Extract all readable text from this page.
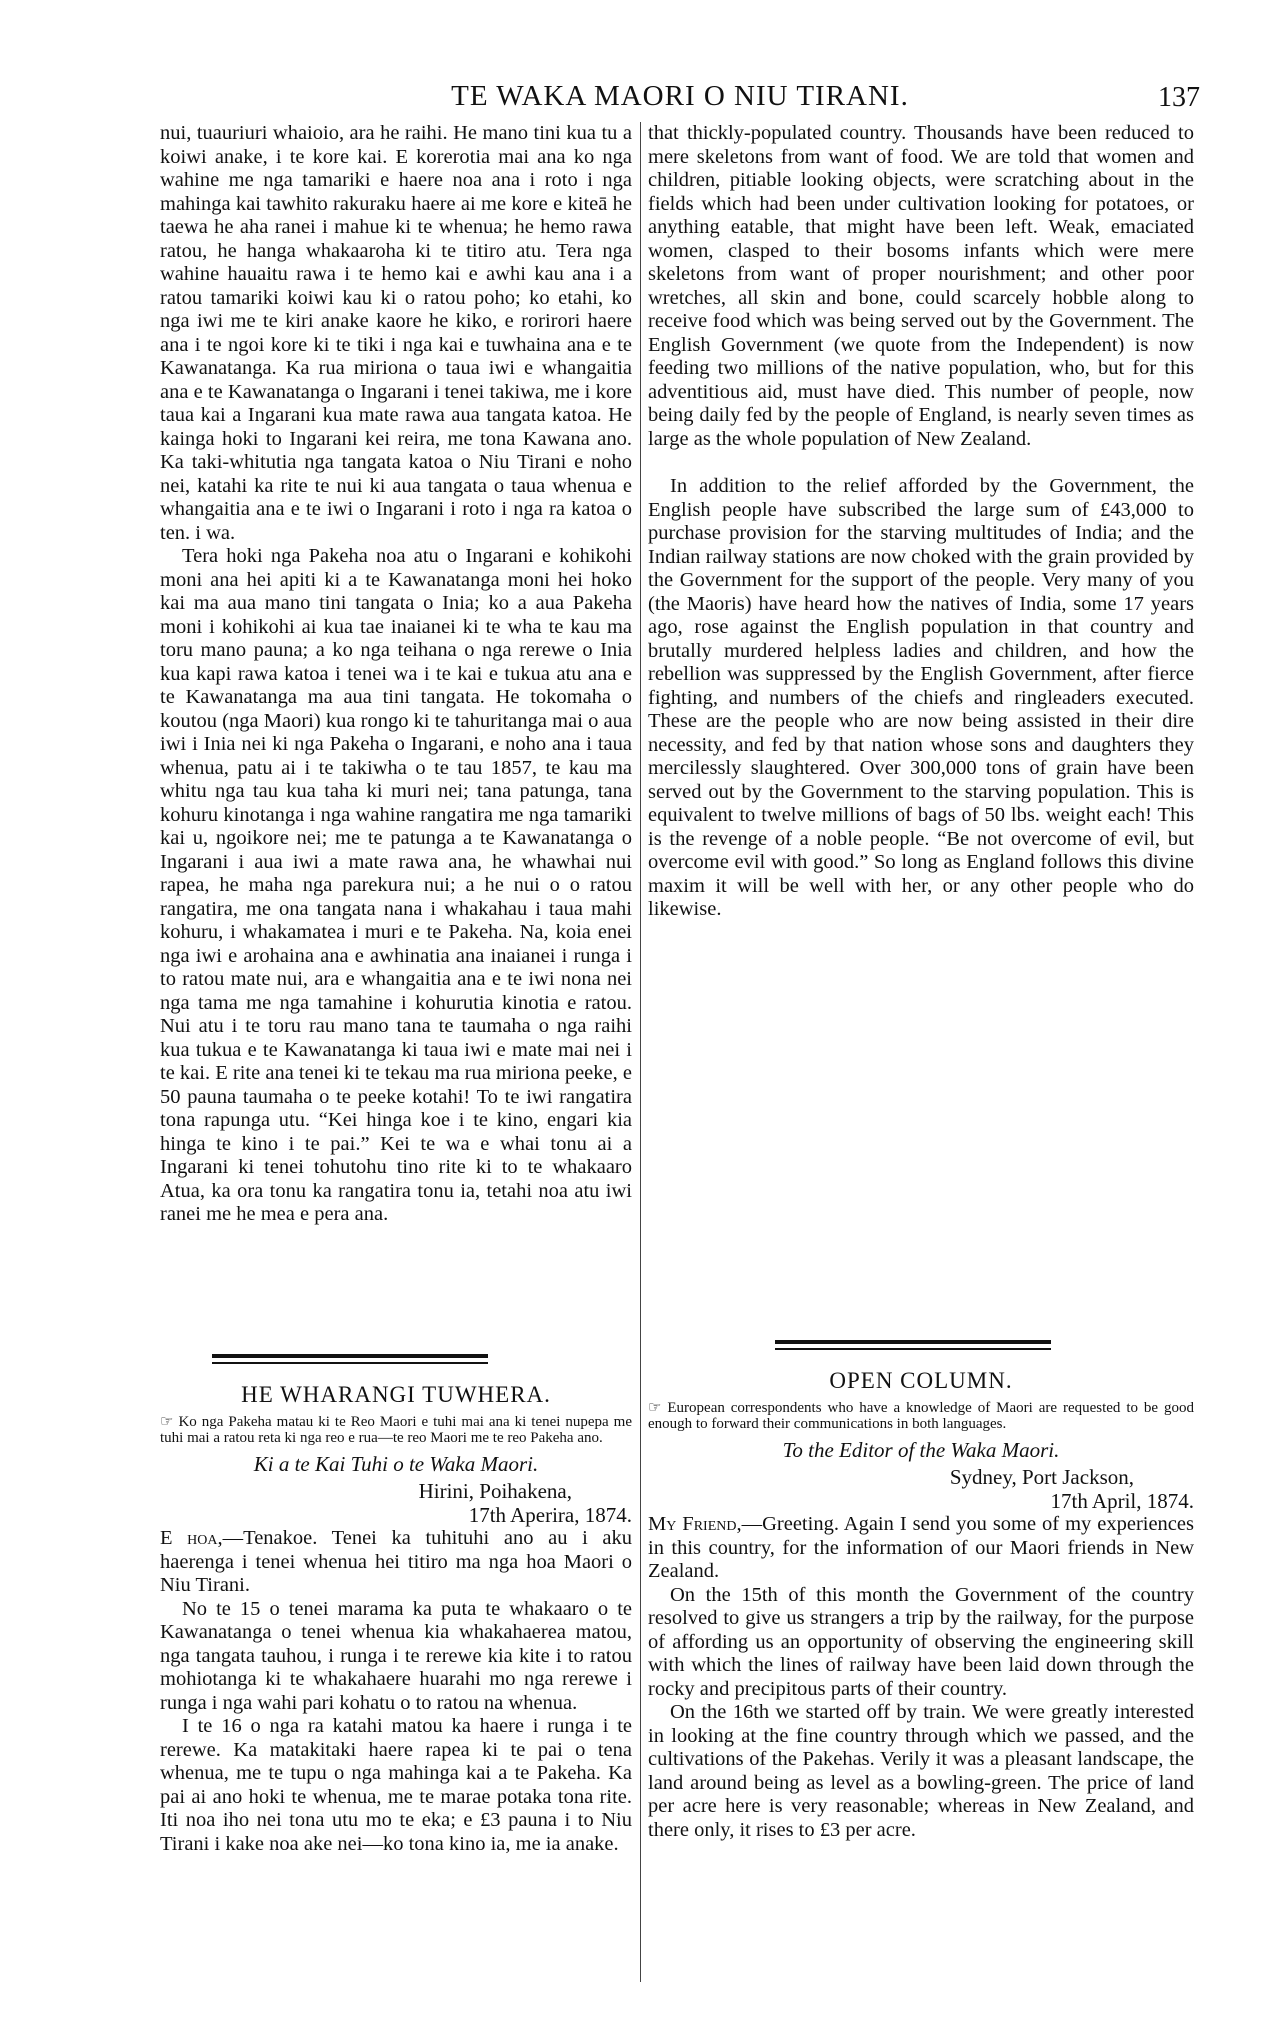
TE WAKA MAORI O NIU TIRANI.	137

nui, tuauriuri whaioio, ara he raihi. He mano tini kua tu a koiwi anake, i te kore kai. E korerotia mai ana ko nga wahine me nga tamariki e haere noa ana i roto i nga mahinga kai tawhito rakuraku haere ai me kore e kiteā he taewa he aha ranei i mahue ki te whenua; he hemo rawa ratou, he hanga whakaaroha ki te titiro atu. Tera nga wahine hauaitu rawa i te hemo kai e awhi kau ana i a ratou tamariki koiwi kau ki o ratou poho; ko etahi, ko nga iwi me te kiri anake kaore he kiko, e rorirori haere ana i te ngoi kore ki te tiki i nga kai e tuwhaina ana e te Kawanatanga. Ka rua miriona o taua iwi e whangaitia ana e te Kawanatanga o Ingarani i tenei takiwa, me i kore taua kai a Ingarani kua mate rawa aua tangata katoa. He kainga hoki to Ingarani kei reira, me tona Kawana ano. Ka taki-whitutia nga tangata katoa o Niu Tirani e noho nei, katahi ka rite te nui ki aua tangata o taua whenua e whangaitia ana e te iwi o Ingarani i roto i nga ra katoa o ten. i wa.

Tera hoki nga Pakeha noa atu o Ingarani e kohikohi moni ana hei apiti ki a te Kawanatanga moni hei hoko kai ma aua mano tini tangata o Inia; ko a aua Pakeha moni i kohikohi ai kua tae inaianei ki te wha te kau ma toru mano pauna; a ko nga teihana o nga rerewe o Inia kua kapi rawa katoa i tenei wa i te kai e tukua atu ana e te Kawanatanga ma aua tini tangata. He tokomaha o koutou (nga Maori) kua rongo ki te tahuritanga mai o aua iwi i Inia nei ki nga Pakeha o Ingarani, e noho ana i taua whenua, patu ai i te takiwha o te tau 1857, te kau ma whitu nga tau kua taha ki muri nei; tana patunga, tana kohuru kinotanga i nga wahine rangatira me nga tamariki kai u, ngoikore nei; me te patunga a te Kawanatanga o Ingarani i aua iwi a mate rawa ana, he whawhai nui rapea, he maha nga parekura nui; a he nui o o ratou rangatira, me ona tangata nana i whakahau i taua mahi kohuru, i whakamatea i muri e te Pakeha. Na, koia enei nga iwi e arohaina ana e awhinatia ana inaianei i runga i to ratou mate nui, ara e whangaitia ana e te iwi nona nei nga tama me nga tamahine i kohurutia kinotia e ratou. Nui atu i te toru rau mano tana te taumaha o nga raihi kua tukua e te Kawanatanga ki taua iwi e mate mai nei i te kai. E rite ana tenei ki te tekau ma rua miriona peeke, e 50 pauna taumaha o te peeke kotahi! To te iwi rangatira tona rapunga utu. “Kei hinga koe i te kino, engari kia hinga te kino i te pai.” Kei te wa e whai tonu ai a Ingarani ki tenei tohutohu tino rite ki to te whakaaro Atua, ka ora tonu ka rangatira tonu ia, tetahi noa atu iwi ranei me he mea e pera ana.

that thickly-populated country. Thousands have been reduced to mere skeletons from want of food. We are told that women and children, pitiable looking objects, were scratching about in the fields which had been under cultivation looking for potatoes, or anything eatable, that might have been left. Weak, emaciated women, clasped to their bosoms infants which were mere skeletons from want of proper nourishment; and other poor wretches, all skin and bone, could scarcely hobble along to receive food which was being served out by the Government. The English Government (we quote from the Independent) is now feeding two millions of the native population, who, but for this adventitious aid, must have died. This number of people, now being daily fed by the people of England, is nearly seven times as large as the whole population of New Zealand.

In addition to the relief afforded by the Government, the English people have subscribed the large sum of £43,000 to purchase provision for the starving multitudes of India; and the Indian railway stations are now choked with the grain provided by the Government for the support of the people. Very many of you (the Maoris) have heard how the natives of India, some 17 years ago, rose against the English population in that country and brutally murdered helpless ladies and children, and how the rebellion was suppressed by the English Government, after fierce fighting, and numbers of the chiefs and ringleaders executed. These are the people who are now being assisted in their dire necessity, and fed by that nation whose sons and daughters they mercilessly slaughtered. Over 300,000 tons of grain have been served out by the Government to the starving population. This is equivalent to twelve millions of bags of 50 lbs. weight each! This is the revenge of a noble people. “Be not overcome of evil, but overcome evil with good.” So long as England follows this divine maxim it will be well with her, or any other people who do likewise.

HE WHARANGI TUWHERA.
☞ Ko nga Pakeha matau ki te Reo Maori e tuhi mai ana ki tenei nupepa me tuhi mai a ratou reta ki nga reo e rua—te reo Maori me te reo Pakeha ano.
Ki a te Kai Tuhi o te Waka Maori.
Hirini, Poihakena,
17th Aperira, 1874.

E hoa,—Tenakoe. Tenei ka tuhituhi ano au i aku haerenga i tenei whenua hei titiro ma nga hoa Maori o Niu Tirani.

No te 15 o tenei marama ka puta te whakaaro o te Kawanatanga o tenei whenua kia whakahaerea matou, nga tangata tauhou, i runga i te rerewe kia kite i to ratou mohiotanga ki te whakahaere huarahi mo nga rerewe i runga i nga wahi pari kohatu o to ratou na whenua.

I te 16 o nga ra katahi matou ka haere i runga i te rerewe. Ka matakitaki haere rapea ki te pai o tena whenua, me te tupu o nga mahinga kai a te Pakeha. Ka pai ai ano hoki te whenua, me te marae potaka tona rite. Iti noa iho nei tona utu mo te eka; e £3 pauna i to Niu Tirani i kake noa ake nei—ko tona kino ia, me ia anake.

OPEN COLUMN.
☞ European correspondents who have a knowledge of Maori are requested to be good enough to forward their communications in both languages.
To the Editor of the Waka Maori.
Sydney, Port Jackson,
17th April, 1874.

My Friend,—Greeting. Again I send you some of my experiences in this country, for the information of our Maori friends in New Zealand.

On the 15th of this month the Government of the country resolved to give us strangers a trip by the railway, for the purpose of affording us an opportunity of observing the engineering skill with which the lines of railway have been laid down through the rocky and precipitous parts of their country.

On the 16th we started off by train. We were greatly interested in looking at the fine country through which we passed, and the cultivations of the Pakehas. Verily it was a pleasant landscape, the land around being as level as a bowling-green. The price of land per acre here is very reasonable; whereas in New Zealand, and there only, it rises to £3 per acre.
